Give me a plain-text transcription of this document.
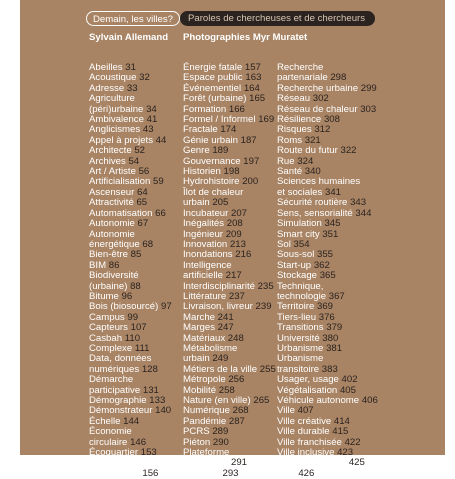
Demain, les villes?	Paroles de chercheuses et de chercheurs
Sylvain Allemand Photographies Myr Muratet
Abeilles 31
Acoustique 32
Adresse 33
Agriculture
(péri)urbaine 34
Ambivalence 41
Anglicismes 43
Appel à projets 44
Architecte 52
Archives 54
Art / Artiste 56
Artificialisation 59
Ascenseur 64
Attractivité 65
Automatisation 66
Autonomie 67
Autonomie
énergétique 68
Bien-être 85
BIM 86
Biodiversité
(urbaine) 88
Bitume 96
Bois (biosourcé) 97
Campus 99
Capteurs 107
Casbah 110
Complexe 111
Data, données
numériques 128
Démarche
participative 131
Démographie 133
Démonstrateur 140
Échelle 144
Économie
circulaire 146
Écoquartier 153
Efficacité
énergétique 156
Énergie fatale 157
Espace public 163
Événementiel 164
Forêt (urbaine) 165
Formation 166
Formel / Informel 169
Fractale 174
Génie urbain 187
Genre 189
Gouvernance 197
Historien 198
Hydrohistoire 200
Îlot de chaleur
urbain 205
Incubateur 207
Inégalités 208
Ingénieur 209
Innovation 213
Inondations 216
Intelligence
artificielle 217
Interdisciplinarité 235
Littérature 237
Livraison, livreur 239
Marche 241
Marges 247
Matériaux 248
Métabolisme
urbain 249
Métiers de la ville 255
Métropole 256
Mobilité 258
Nature (en ville) 265
Numérique 268
Pandémie 287
PCRS 289
Piéton 290
Plateforme
numérique 291
Pollution 293
Recherche
partenariale 298
Recherche urbaine 299
Réseau 302
Réseau de chaleur 303
Résilience 308
Risques 312
Roms 321
Route du futur 322
Rue 324
Santé 340
Sciences humaines
et sociales 341
Sécurité routière 343
Sens, sensorialité 344
Simulation 345
Smart city 351
Sol 354
Sous-sol 355
Start-up 362
Stockage 365
Technique,
technologie 367
Territoire 369
Tiers-lieu 376
Transitions 379
Université 380
Urbanisme 381
Urbanisme
transitoire 383
Usager, usage 402
Végétalisation 405
Véhicule autonome 406
Ville 407
Ville créative 414
Ville durable 415
Ville franchisée 422
Ville inclusive 423
Villes anciennes 425
Voie 426
